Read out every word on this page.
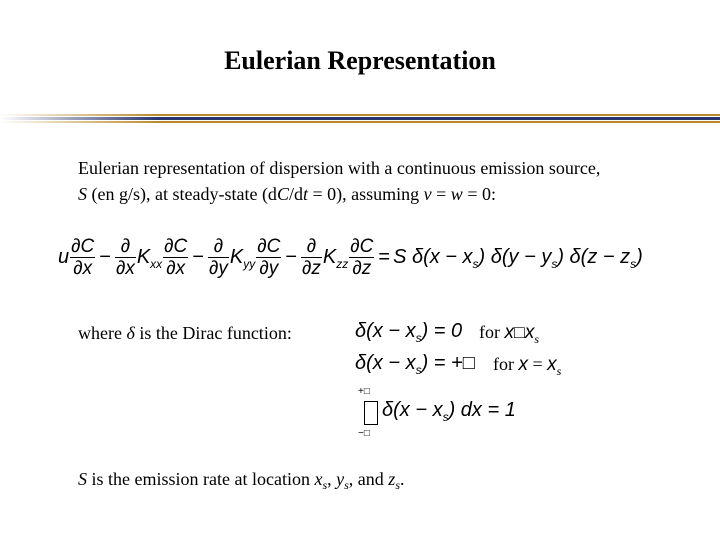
Eulerian Representation

Eulerian representation of dispersion with a continuous emission source,

S (en g/s), at steady-state (dC/dt = 0), assuming v = w = 0:

u $\frac{\partial C}{\partial x} - \frac{\partial}{\partial x} K_{xx} \frac{\partial C}{\partial x} - \frac{\partial}{\partial y} K_{yy} \frac{\partial C}{\partial y} - \frac{\partial}{\partial z} K_{zz} \frac{\partial C}{\partial z} = S$ $\delta(x - x_s)$ $\delta(y - y_s)$ $\delta(z - z_s)$
where δ is the Dirac function:	$\delta(x - x_s) = 0$ for $x□x_s$
$\delta(x - x_s)$ = +□ for $x = x_s$
+□
−□
$\delta(x - x_s)$ dx = 1
S is the emission rate at location $x_s$, $y_s$, and $z_s$.
